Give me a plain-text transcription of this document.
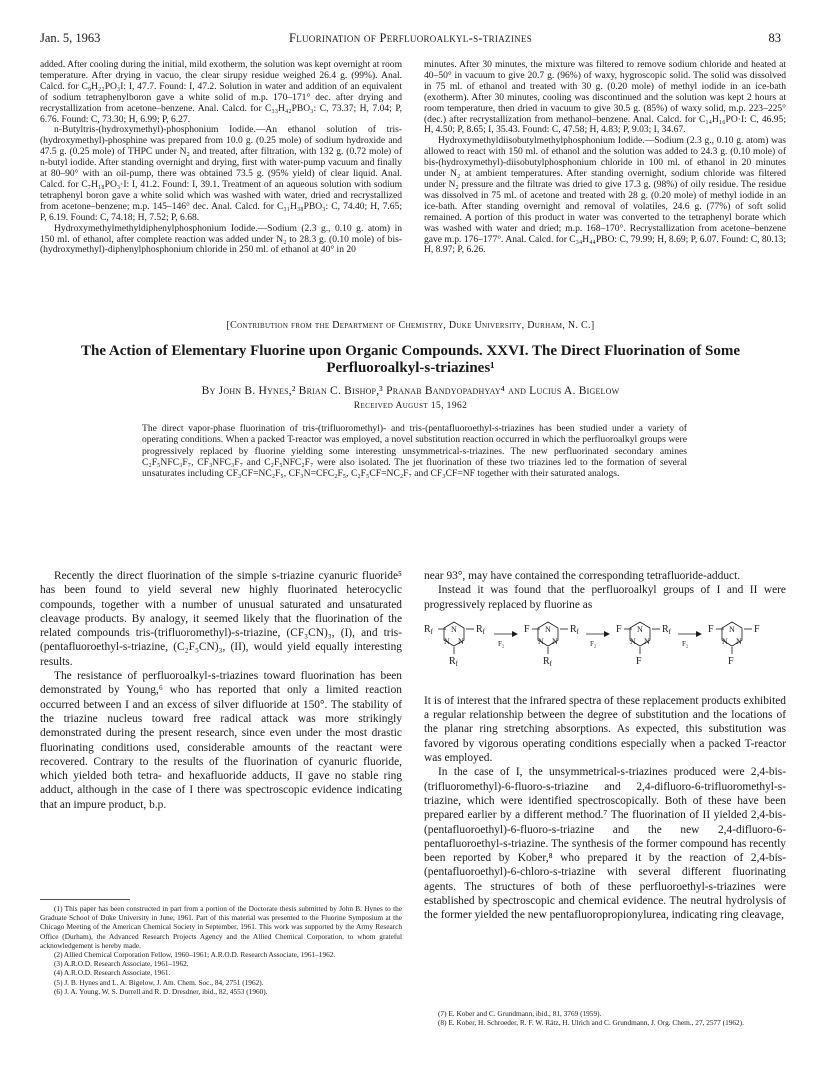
Jan. 5, 1963	Fluorination of Perfluoroalkyl-s-triazines	83

added. After cooling during the initial, mild exotherm, the solution was kept overnight at room temperature. After drying in vacuo, the clear sirupy residue weighed 26.4 g. (99%). Anal. Calcd. for C₉H₂₂PO₃I: I, 47.7. Found: I, 47.2. Solution in water and addition of an equivalent of sodium tetraphenylboron gave a white solid of m.p. 170–171° dec. after drying and recrystallization from acetone–benzene. Anal. Calcd. for C₃₃H₄₂PBO₃: C, 73.37; H, 7.04; P, 6.76. Found: C, 73.30; H, 6.99; P, 6.27.

n-Butyltris-(hydroxymethyl)-phosphonium Iodide.—An ethanol solution of tris-(hydroxymethyl)-phosphine was prepared from 10.0 g. (0.25 mole) of sodium hydroxide and 47.5 g. (0.25 mole) of THPC under N₂ and treated, after filtration, with 132 g. (0.72 mole) of n-butyl iodide. After standing overnight and drying, first with water-pump vacuum and finally at 80–90° with an oil-pump, there was obtained 73.5 g. (95% yield) of clear liquid. Anal. Calcd. for C₇H₁₈PO₃·I: I, 41.2. Found: I, 39.1. Treatment of an aqueous solution with sodium tetraphenyl boron gave a white solid which was washed with water, dried and recrystallized from acetone–benzene; m.p. 145–146° dec. Anal. Calcd. for C₃₁H₃₈PBO₃: C, 74.40; H, 7.65; P, 6.19. Found: C, 74.18; H, 7.52; P, 6.68.

Hydroxymethylmethyldiphenylphosphonium Iodide.—Sodium (2.3 g., 0.10 g. atom) in 150 ml. of ethanol, after complete reaction was added under N₂ to 28.3 g. (0.10 mole) of bis-(hydroxymethyl)-diphenylphosphonium chloride in 250 ml. of ethanol at 40° in 20

minutes. After 30 minutes, the mixture was filtered to remove sodium chloride and heated at 40–50° in vacuum to give 20.7 g. (96%) of waxy, hygroscopic solid. The solid was dissolved in 75 ml. of ethanol and treated with 30 g. (0.20 mole) of methyl iodide in an ice-bath (exotherm). After 30 minutes, cooling was discontinued and the solution was kept 2 hours at room temperature, then dried in vacuum to give 30.5 g. (85%) of waxy solid, m.p. 223–225° (dec.) after recrystallization from methanol–benzene. Anal. Calcd. for C₁₄H₁₆PO·I: C, 46.95; H, 4.50; P, 8.65; I, 35.43. Found: C, 47.58; H, 4.83; P, 9.03; I, 34.67.

Hydroxymethyldiisobutylmethylphosphonium Iodide.—Sodium (2.3 g., 0.10 g. atom) was allowed to react with 150 ml. of ethanol and the solution was added to 24.3 g. (0.10 mole) of bis-(hydroxymethyl)-diisobutylphosphonium chloride in 100 ml. of ethanol in 20 minutes under N₂ at ambient temperatures. After standing overnight, sodium chloride was filtered under N₂ pressure and the filtrate was dried to give 17.3 g. (98%) of oily residue. The residue was dissolved in 75 ml. of acetone and treated with 28 g. (0.20 mole) of methyl iodide in an ice-bath. After standing overnight and removal of volatiles, 24.6 g. (77%) of soft solid remained. A portion of this product in water was converted to the tetraphenyl borate which was washed with water and dried; m.p. 168–170°. Recrystallization from acetone–benzene gave m.p. 176–177°. Anal. Calcd. for C₃₄H₄₄PBO: C, 79.99; H, 8.69; P, 6.07. Found: C, 80.13; H, 8.97; P, 6.26.

[Contribution from the Department of Chemistry, Duke University, Durham, N. C.]
The Action of Elementary Fluorine upon Organic Compounds. XXVI. The Direct Fluorination of Some Perfluoroalkyl-s-triazines¹
By John B. Hynes,² Brian C. Bishop,³ Pranab Bandyopadhyay⁴ and Lucius A. Bigelow
Received August 15, 1962
The direct vapor-phase fluorination of tris-(trifluoromethyl)- and tris-(pentafluoroethyl-s-triazines has been studied under a variety of operating conditions. When a packed T-reactor was employed, a novel substitution reaction occurred in which the perfluoroalkyl groups were progressively replaced by fluorine yielding some interesting unsymmetrical-s-triazines. The new perfluorinated secondary amines C₂F₅NFC₃F₇, CF₃NFC₃F₇ and C₂F₅NFC₂F₇ were also isolated. The jet fluorination of these two triazines led to the formation of several unsaturates including CF₃CF=NC₂F₅, CF₃N=CFC₂F₅, C₂F₅CF=NC₂F₇ and CF₃CF=NF together with their saturated analogs.

Recently the direct fluorination of the simple s-triazine cyanuric fluoride⁵ has been found to yield several new highly fluorinated heterocyclic compounds, together with a number of unusual saturated and unsaturated cleavage products. By analogy, it seemed likely that the fluorination of the related compounds tris-(trifluoromethyl)-s-triazine, (CF₃CN)₃, (I), and tris-(pentafluoroethyl-s-triazine, (C₂F₅CN)₃, (II), would yield equally interesting results.

The resistance of perfluoroalkyl-s-triazines toward fluorination has been demonstrated by Young,⁶ who has reported that only a limited reaction occurred between I and an excess of silver difluoride at 150°. The stability of the triazine nucleus toward free radical attack was more strikingly demonstrated during the present research, since even under the most drastic fluorinating conditions used, considerable amounts of the reactant were recovered. Contrary to the results of the fluorination of cyanuric fluoride, which yielded both tetra- and hexafluoride adducts, II gave no stable ring adduct, although in the case of I there was spectroscopic evidence indicating that an impure product, b.p.

near 93°, may have contained the corresponding tetrafluoride-adduct.

Instead it was found that the perfluoroalkyl groups of I and II were progressively replaced by fluorine as

It is of interest that the infrared spectra of these replacement products exhibited a regular relationship between the degree of substitution and the locations of the planar ring stretching absorptions. As expected, this substitution was favored by vigorous operating conditions especially when a packed T-reactor was employed.

In the case of I, the unsymmetrical-s-triazines produced were 2,4-bis-(trifluoromethyl)-6-fluoro-s-triazine and 2,4-difluoro-6-trifluoromethyl-s-triazine, which were identified spectroscopically. Both of these have been prepared earlier by a different method.⁷ The fluorination of II yielded 2,4-bis-(pentafluoroethyl)-6-fluoro-s-triazine and the new 2,4-difluoro-6-pentafluoroethyl-s-triazine. The synthesis of the former compound has recently been reported by Kober,⁸ who prepared it by the reaction of 2,4-bis-(pentafluoroethyl)-6-chloro-s-triazine with several different fluorinating agents. The structures of both of these perfluoroethyl-s-triazines were established by spectroscopic and chemical evidence. The neutral hydrolysis of the former yielded the new pentafluoropropionylurea, indicating ring cleavage,

$R_f$ N
N N
$R_f$
$R_f$
F₂
F N
N N
$R_f$
$R_f$
F₂
F N
N N
$R_f$
F
F₂
F N
N N
F
F

(1) This paper has been constructed in part from a portion of the Doctorate thesis submitted by John B. Hynes to the Graduate School of Duke University in June, 1961. Part of this material was presented to the Fluorine Symposium at the Chicago Meeting of the American Chemical Society in September, 1961. This work was supported by the Army Research Office (Durham), the Advanced Research Projects Agency and the Allied Chemical Corporation, to whom grateful acknowledgement is hereby made.

(2) Allied Chemical Corporation Fellow, 1960–1961; A.R.O.D. Research Associate, 1961–1962.

(3) A.R.O.D. Research Associate, 1961–1962.

(4) A.R.O.D. Research Associate, 1961.

(5) J. B. Hynes and L. A. Bigelow, J. Am. Chem. Soc., 84, 2751 (1962).

(6) J. A. Young, W. S. Durrell and R. D. Dresdner, ibid., 82, 4553 (1960).

(7) E. Kober and C. Grundmann, ibid., 81, 3769 (1959).

(8) E. Kober, H. Schroeder, R. F. W. Rätz, H. Ulrich and C. Grundmann, J. Org. Chem., 27, 2577 (1962).
